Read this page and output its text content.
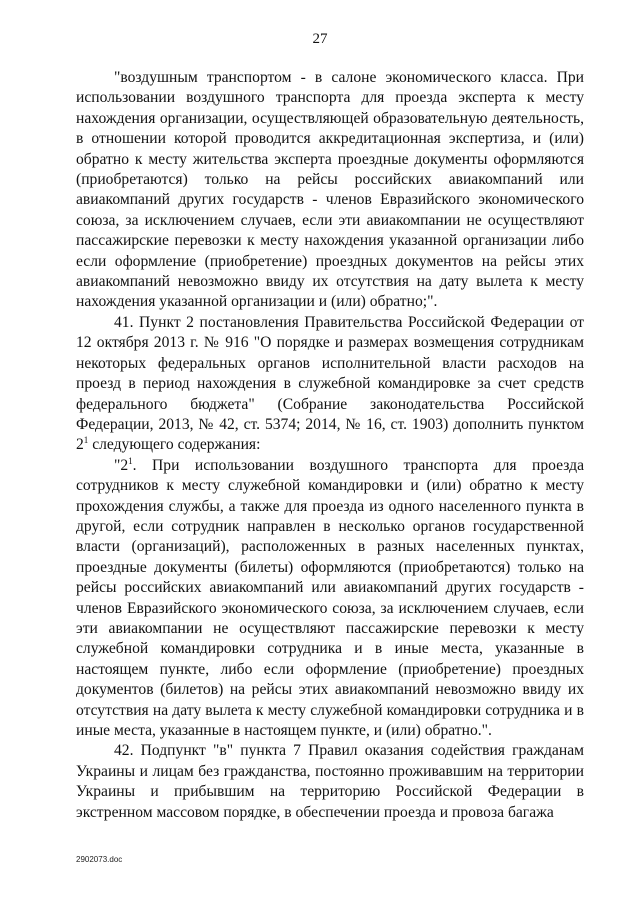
27

"воздушным транспортом - в салоне экономического класса. При использовании воздушного транспорта для проезда эксперта к месту нахождения организации, осуществляющей образовательную деятельность, в отношении которой проводится аккредитационная экспертиза, и (или) обратно к месту жительства эксперта проездные документы оформляются (приобретаются) только на рейсы российских авиакомпаний или авиакомпаний других государств - членов Евразийского экономического союза, за исключением случаев, если эти авиакомпании не осуществляют пассажирские перевозки к месту нахождения указанной организации либо если оформление (приобретение) проездных документов на рейсы этих авиакомпаний невозможно ввиду их отсутствия на дату вылета к месту нахождения указанной организации и (или) обратно;".

41. Пункт 2 постановления Правительства Российской Федерации от 12 октября 2013 г. № 916 "О порядке и размерах возмещения сотрудникам некоторых федеральных органов исполнительной власти расходов на проезд в период нахождения в служебной командировке за счет средств федерального бюджета" (Собрание законодательства Российской Федерации, 2013, № 42, ст. 5374; 2014, № 16, ст. 1903) дополнить пунктом $2^1$ следующего содержания:

"$2^1$. При использовании воздушного транспорта для проезда сотрудников к месту служебной командировки и (или) обратно к месту прохождения службы, а также для проезда из одного населенного пункта в другой, если сотрудник направлен в несколько органов государственной власти (организаций), расположенных в разных населенных пунктах, проездные документы (билеты) оформляются (приобретаются) только на рейсы российских авиакомпаний или авиакомпаний других государств - членов Евразийского экономического союза, за исключением случаев, если эти авиакомпании не осуществляют пассажирские перевозки к месту служебной командировки сотрудника и в иные места, указанные в настоящем пункте, либо если оформление (приобретение) проездных документов (билетов) на рейсы этих авиакомпаний невозможно ввиду их отсутствия на дату вылета к месту служебной командировки сотрудника и в иные места, указанные в настоящем пункте, и (или) обратно.".

42. Подпункт "в" пункта 7 Правил оказания содействия гражданам Украины и лицам без гражданства, постоянно проживавшим на территории Украины и прибывшим на территорию Российской Федерации в экстренном массовом порядке, в обеспечении проезда и провоза багажа

2902073.doc
